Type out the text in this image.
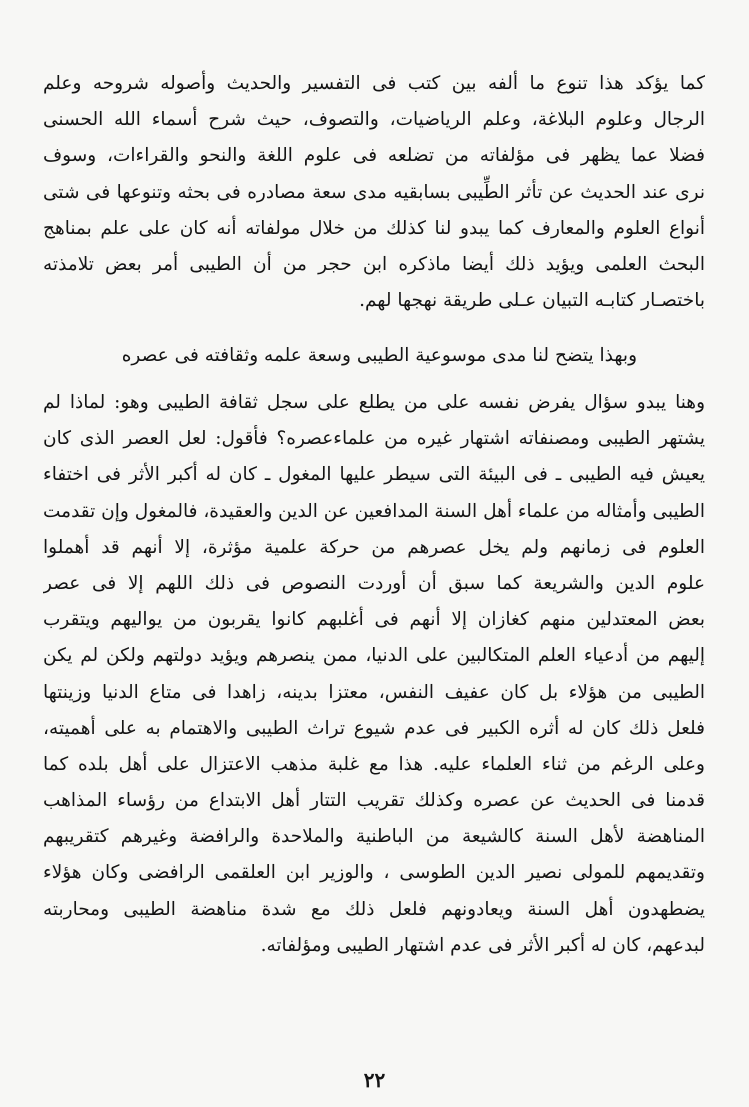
كما يؤكد هذا تنوع ما ألفه بين كتب فى التفسير والحديث وأصوله شروحه وعلم
الرجال وعلوم البلاغة، وعلم الرياضيات، والتصوف، حيث شرح أسماء الله الحسنى
فضلا عما يظهر فى مؤلفاته من تضلعه فى علوم اللغة والنحو والقراءات، وسوف
نرى عند الحديث عن تأثر الطِّيبى بسابقيه مدى سعة مصادره فى بحثه وتنوعها فى شتى
أنواع العلوم والمعارف كما يبدو لنا كذلك من خلال مولفاته أنه كان على علم بمناهج
البحث العلمى ويؤيد ذلك أيضا ماذكره ابن حجر من أن الطيبى أمر بعض تلامذته
باختصـار كتابـه التبيان عـلى طريقة نهجها لهم.
وبهذا يتضح لنا مدى موسوعية الطيبى وسعة علمه وثقافته فى عصره
وهنا يبدو سؤال يفرض نفسه على من يطلع على سجل ثقافة الطيبى وهو: لماذا لم
يشتهر الطيبى ومصنفاته اشتهار غيره من علماءعصره؟ فأقول: لعل العصر الذى كان
يعيش فيه الطيبى ـ فى البيئة التى سيطر عليها المغول ـ كان له أكبر الأثر فى اختفاء
الطيبى وأمثاله من علماء أهل السنة المدافعين عن الدين والعقيدة، فالمغول وإن تقدمت
العلوم فى زمانهم ولم يخل عصرهم من حركة علمية مؤثرة، إلا أنهم قد أهملوا
علوم الدين والشريعة كما سبق أن أوردت النصوص فى ذلك اللهم إلا فى عصر
بعض المعتدلين منهم كغازان إلا أنهم فى أغلبهم كانوا يقربون من يواليهم ويتقرب
إليهم من أدعياء العلم المتكالبين على الدنيا، ممن ينصرهم ويؤيد دولتهم ولكن لم يكن
الطيبى من هؤلاء بل كان عفيف النفس، معتزا بدينه، زاهدا فى متاع الدنيا وزينتها
فلعل ذلك كان له أثره الكبير فى عدم شيوع تراث الطيبى والاهتمام به على أهميته،
وعلى الرغم من ثناء العلماء عليه. هذا مع غلبة مذهب الاعتزال على أهل بلده كما
قدمنا فى الحديث عن عصره وكذلك تقريب التتار أهل الابتداع من رؤساء المذاهب
المناهضة لأهل السنة كالشيعة من الباطنية والملاحدة والرافضة وغيرهم كتقريبهم
وتقديمهم للمولى نصير الدين الطوسى ، والوزير ابن العلقمى الرافضى وكان هؤلاء
يضطهدون أهل السنة ويعادونهم فلعل ذلك مع شدة مناهضة الطيبى ومحاربته
لبدعهم، كان له أكبر الأثر فى عدم اشتهار الطيبى ومؤلفاته.
٢٢
